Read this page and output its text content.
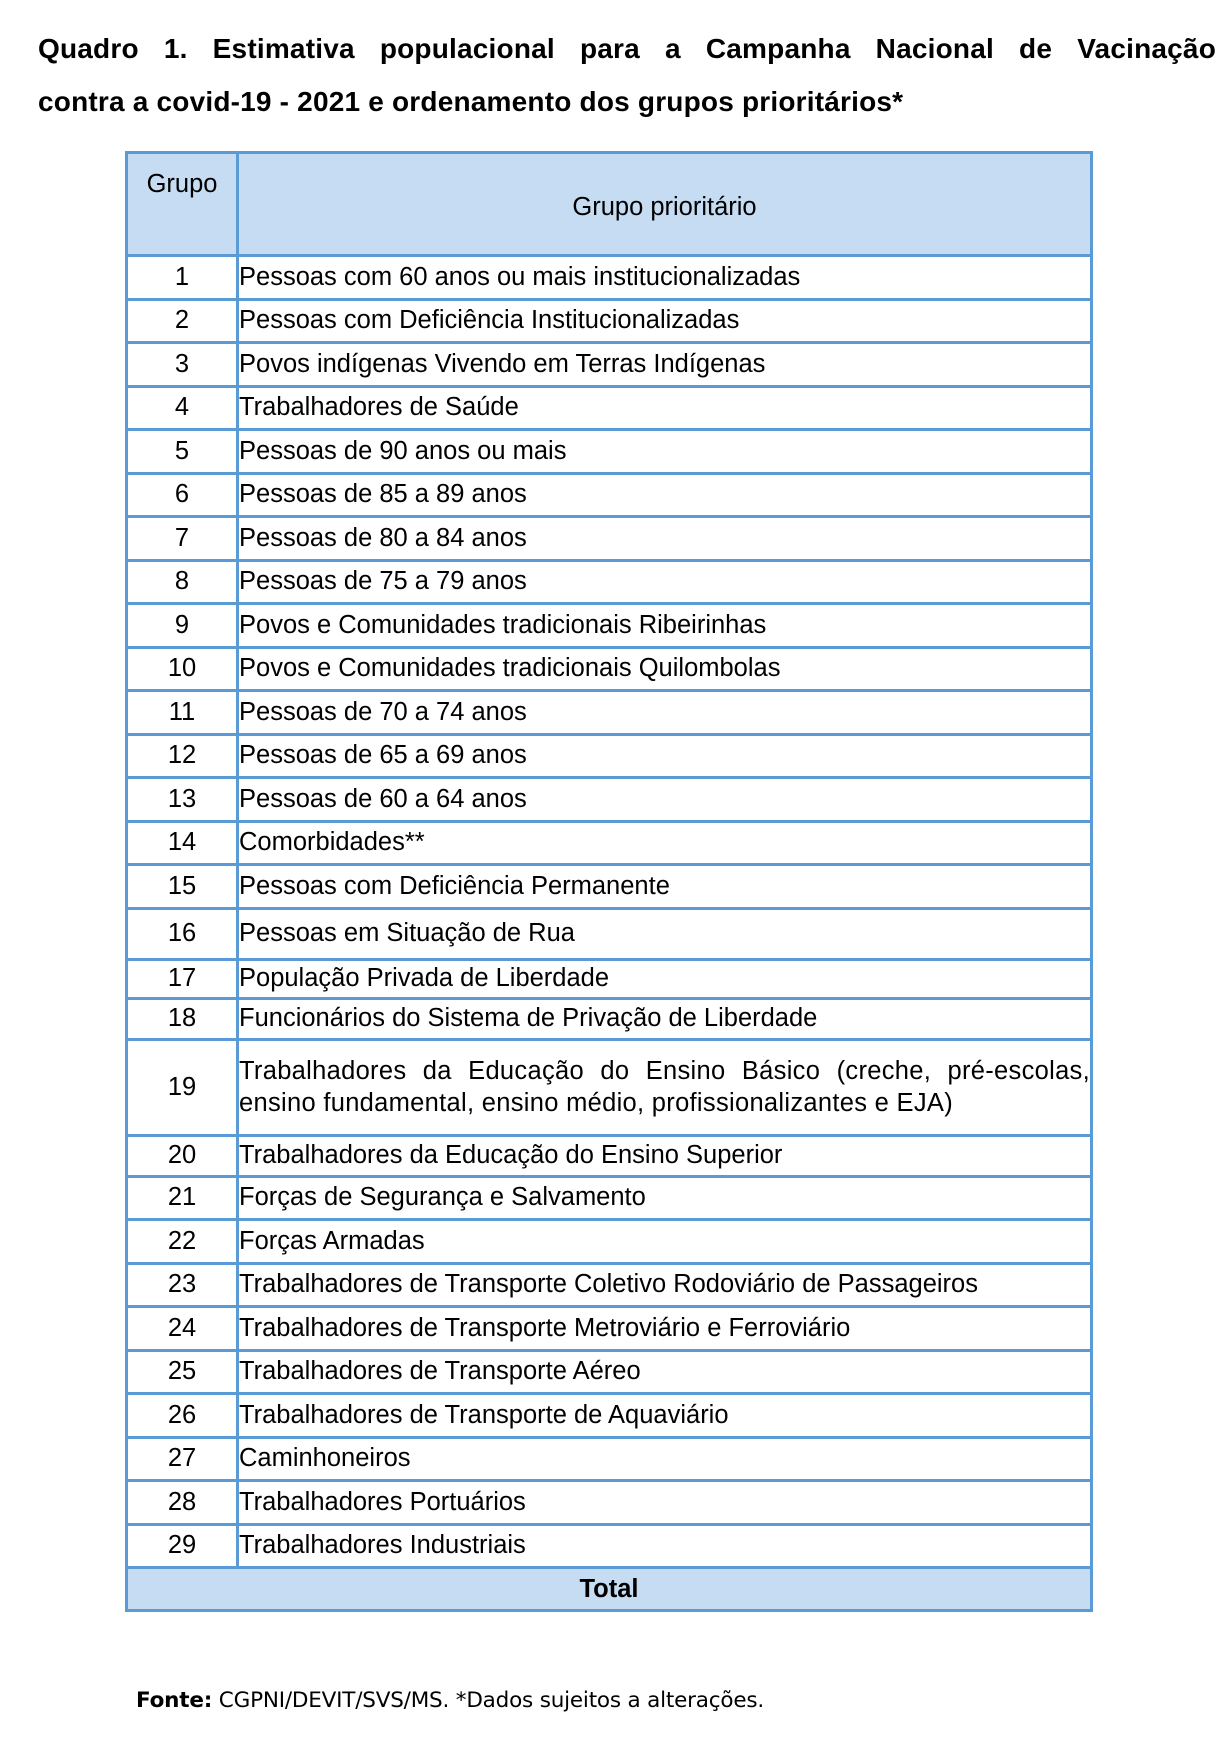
Quadro 1. Estimativa populacional para a Campanha Nacional de Vacinação
contra a covid-19 - 2021 e ordenamento dos grupos prioritários*
Grupo	Grupo prioritário
1	Pessoas com 60 anos ou mais institucionalizadas
2	Pessoas com Deficiência Institucionalizadas
3	Povos indígenas Vivendo em Terras Indígenas
4	Trabalhadores de Saúde
5	Pessoas de 90 anos ou mais
6	Pessoas de 85 a 89 anos
7	Pessoas de 80 a 84 anos
8	Pessoas de 75 a 79 anos
9	Povos e Comunidades tradicionais Ribeirinhas
10	Povos e Comunidades tradicionais Quilombolas
11	Pessoas de 70 a 74 anos
12	Pessoas de 65 a 69 anos
13	Pessoas de 60 a 64 anos
14	Comorbidades**
15	Pessoas com Deficiência Permanente
16	Pessoas em Situação de Rua
17	População Privada de Liberdade
18	Funcionários do Sistema de Privação de Liberdade
19	Trabalhadores da Educação do Ensino Básico (creche, pré-escolas, ensino fundamental, ensino médio, profissionalizantes e EJA)
20	Trabalhadores da Educação do Ensino Superior
21	Forças de Segurança e Salvamento
22	Forças Armadas
23	Trabalhadores de Transporte Coletivo Rodoviário de Passageiros
24	Trabalhadores de Transporte Metroviário e Ferroviário
25	Trabalhadores de Transporte Aéreo
26	Trabalhadores de Transporte de Aquaviário
27	Caminhoneiros
28	Trabalhadores Portuários
29	Trabalhadores Industriais
Total	
Fonte: CGPNI/DEVIT/SVS/MS. *Dados sujeitos a alterações.
